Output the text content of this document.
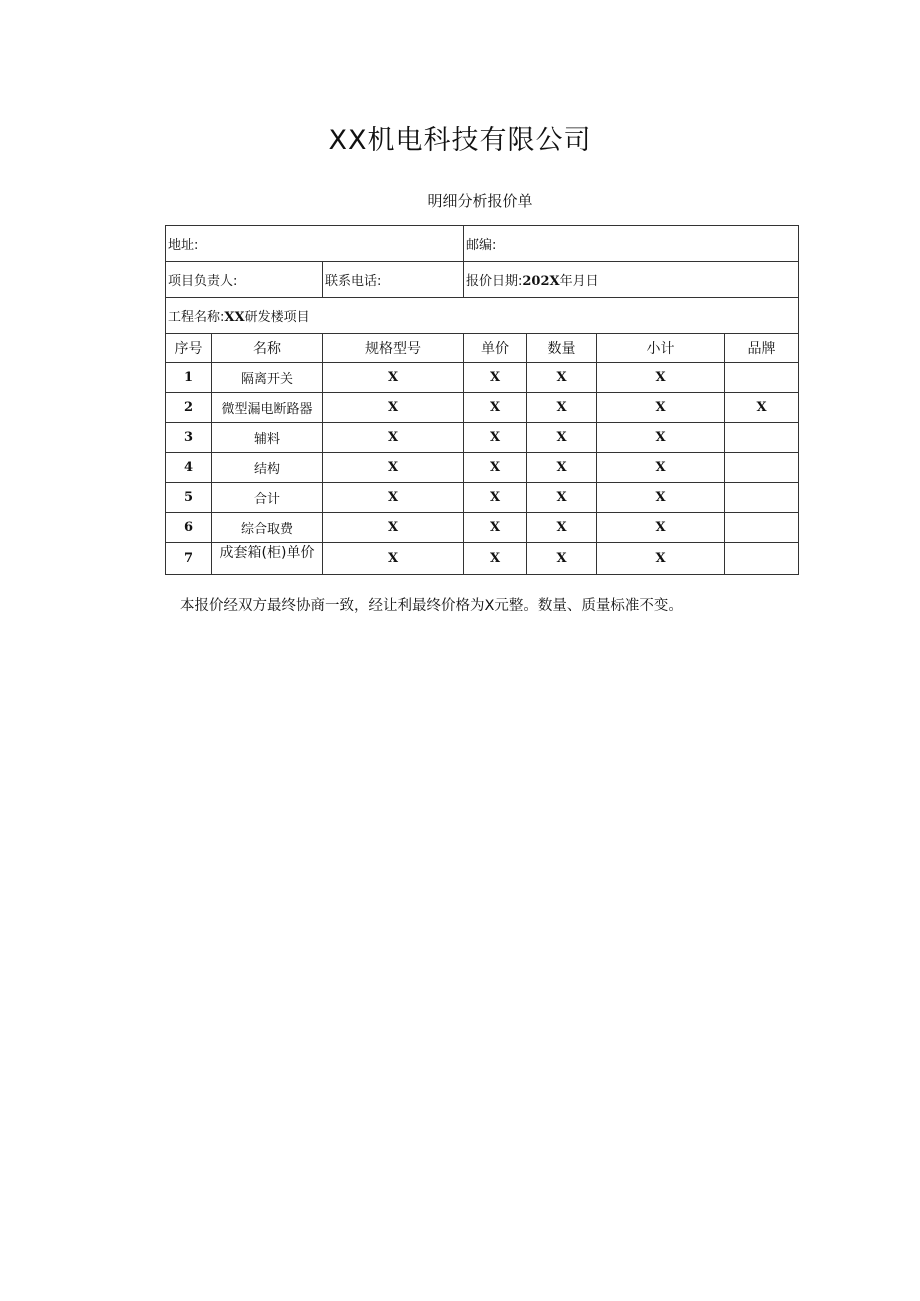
XX机电科技有限公司
明细分析报价单
地址:			邮编:			
项目负责人:		联系电话:	报价日期:202X年月日			
工程名称:XX研发楼项目						
序号	名称	规格型号	单价	数量	小计	品牌
1	隔离开关	X	X	X	X	
2	微型漏电断路器	X	X	X	X	X
3	辅料	X	X	X	X	
4	结构	X	X	X	X	
5	合计	X	X	X	X	
6	综合取费	X	X	X	X	
7	成套箱(柜)单价	X	X	X	X	
本报价经双方最终协商一致，经让利最终价格为X元整。数量、质量标准不变。
